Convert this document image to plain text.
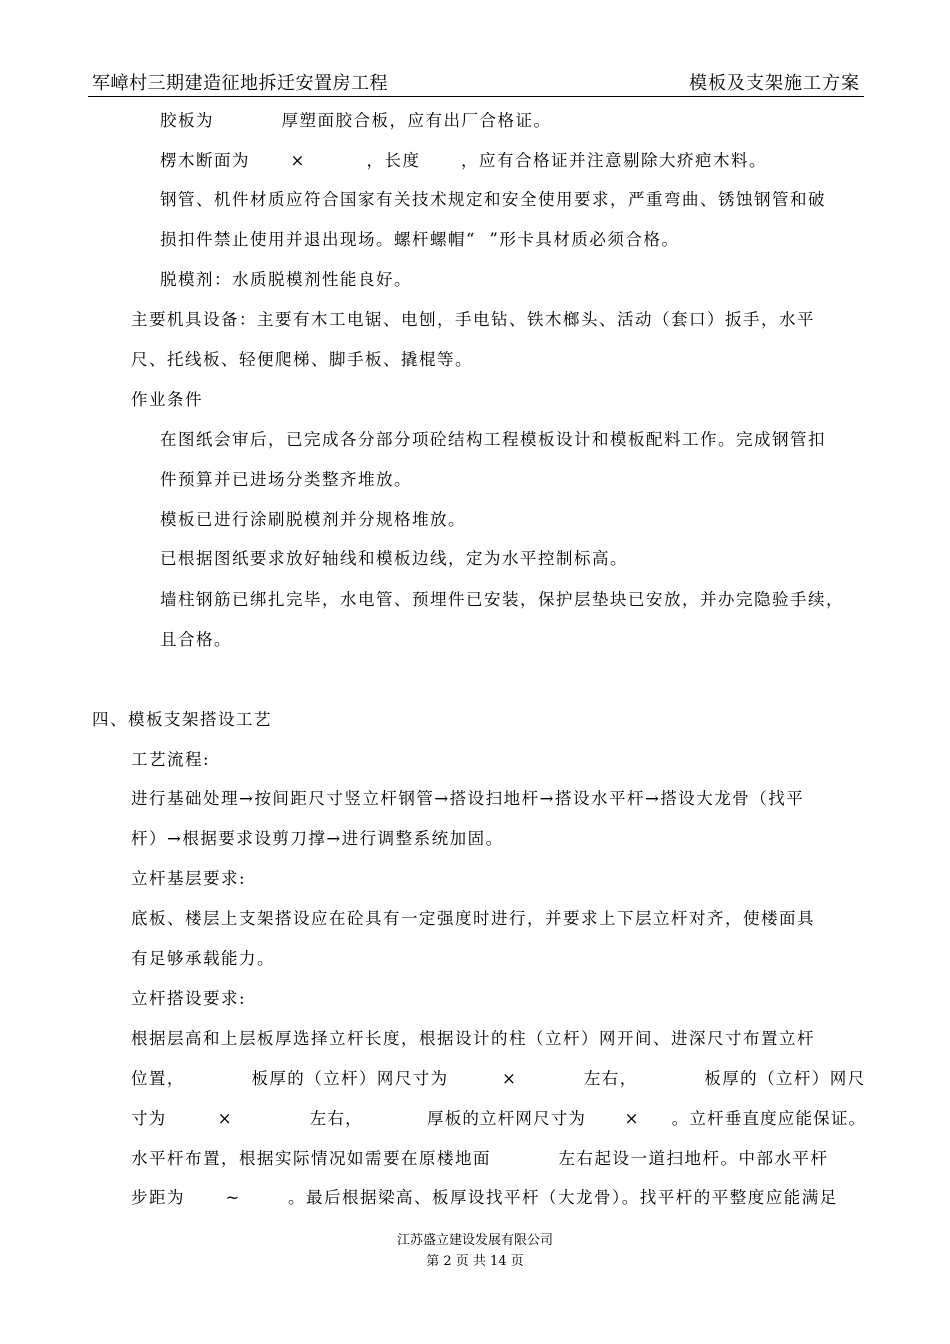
军嶂村三期建造征地拆迁安置房工程	模板及支架施工方案
胶板为          厚塑面胶合板，应有出厂合格证。
楞木断面为      ×         ，长度      ，应有合格证并注意剔除大疥疤木料。
钢管、机件材质应符合国家有关技术规定和安全使用要求，严重弯曲、锈蚀钢管和破
损扣件禁止使用并退出现场。螺杆螺帽“  ”形卡具材质必须合格。
脱模剂：水质脱模剂性能良好。
主要机具设备：主要有木工电锯、电刨，手电钻、铁木榔头、活动（套口）扳手，水平
尺、托线板、轻便爬梯、脚手板、撬棍等。
作业条件
在图纸会审后，已完成各分部分项砼结构工程模板设计和模板配料工作。完成钢管扣
件预算并已进场分类整齐堆放。
模板已进行涂刷脱模剂并分规格堆放。
已根据图纸要求放好轴线和模板边线，定为水平控制标高。
墙柱钢筋已绑扎完毕，水电管、预埋件已安装，保护层垫块已安放，并办完隐验手续，
且合格。
四、模板支架搭设工艺
工艺流程:
进行基础处理→按间距尺寸竖立杆钢管→搭设扫地杆→搭设水平杆→搭设大龙骨（找平
杆）→根据要求设剪刀撑→进行调整系统加固。
立杆基层要求:
底板、楼层上支架搭设应在砼具有一定强度时进行，并要求上下层立杆对齐，使楼面具
有足够承载能力。
立杆搭设要求:
根据层高和上层板厚选择立杆长度，根据设计的柱（立杆）网开间、进深尺寸布置立杆
位置，          板厚的（立杆）网尺寸为        ×          左右，          板厚的（立杆）网尺
寸为        ×            左右，          厚板的立杆网尺寸为      ×     。立杆垂直度应能保证。
水平杆布置，根据实际情况如需要在原楼地面          左右起设一道扫地杆。中部水平杆
步距为      ~       。最后根据梁高、板厚设找平杆（大龙骨）。找平杆的平整度应能满足
江苏盛立建设发展有限公司
第 2 页 共 14 页
